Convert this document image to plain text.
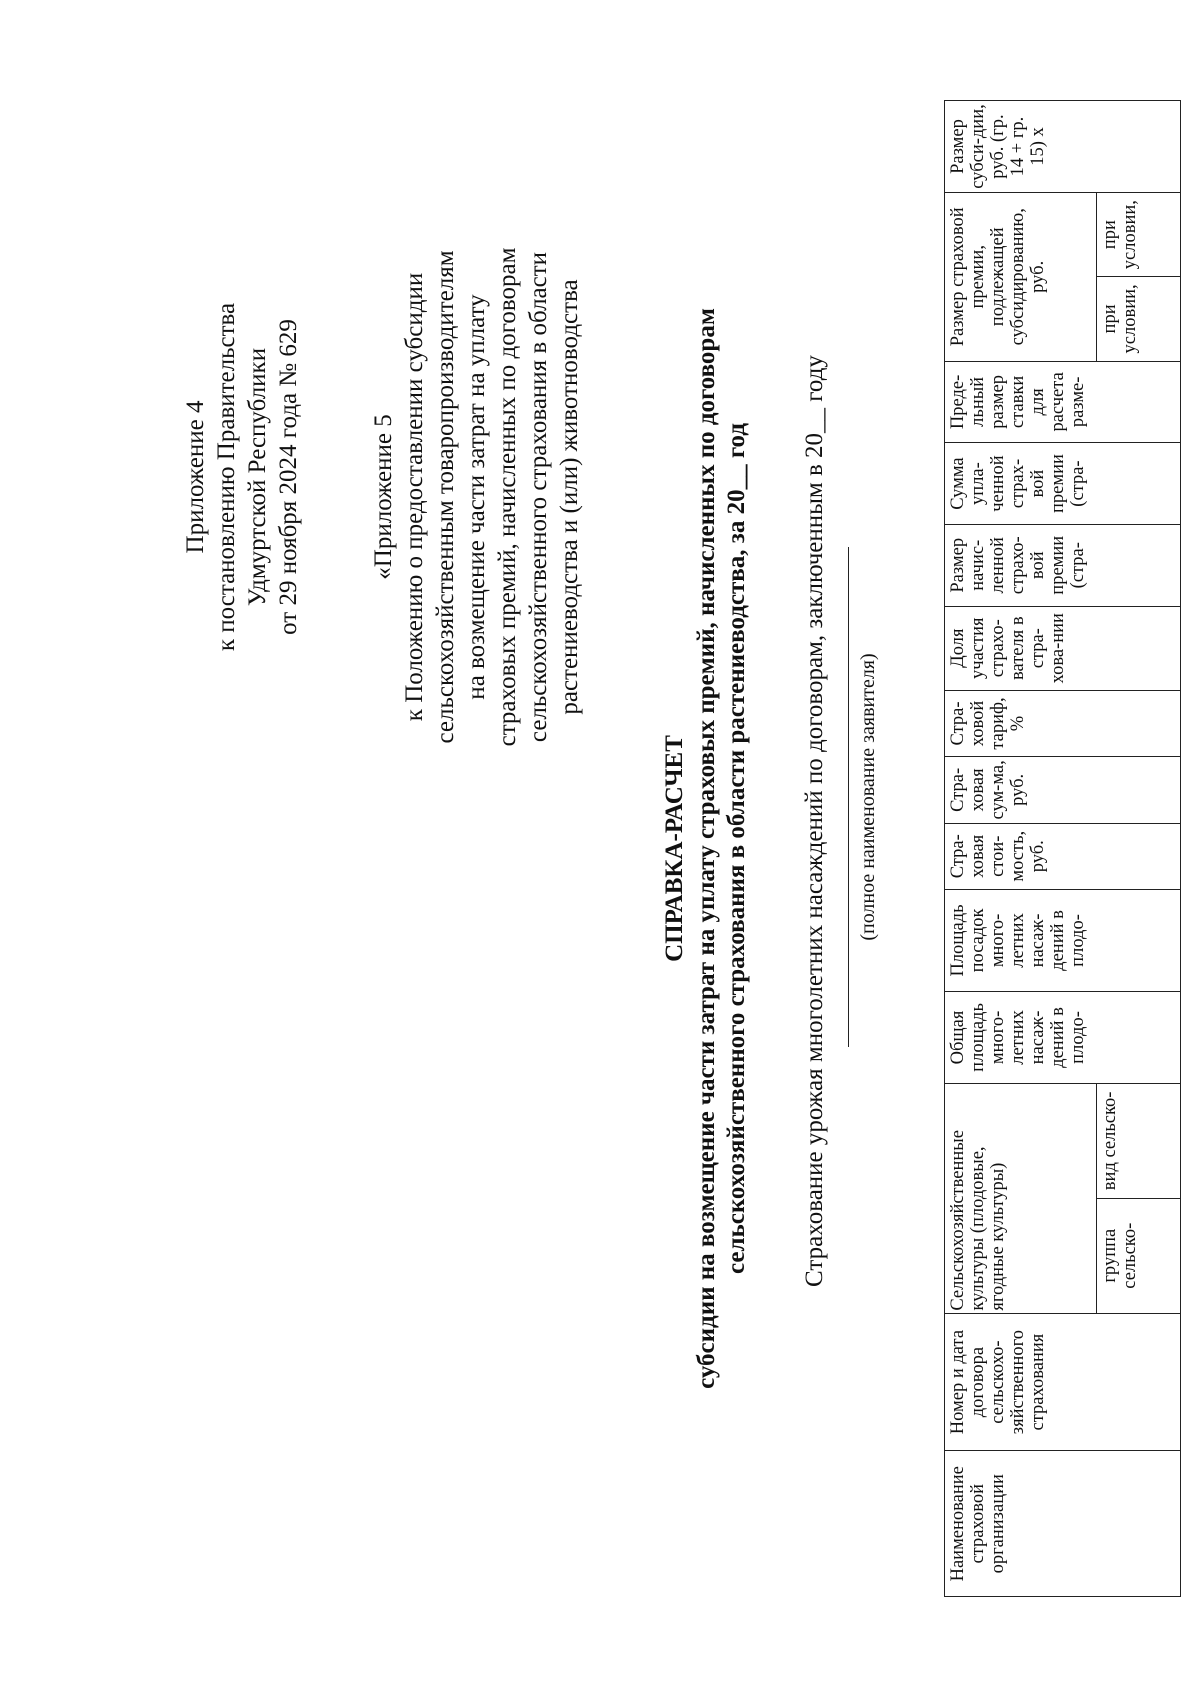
Приложение 4 к постановлению Правительства Удмуртской Республики от 29 ноября 2024 года № 629	«Приложение 5 к Положению о предоставлении субсидии сельскохозяйственным товаропроизводителям на возмещение части затрат на уплату страховых премий, начисленных по договорам сельскохозяйственного страхования в области растениеводства и (или) животноводства
СПРАВКА-РАСЧЕТ субсидии на возмещение части затрат на уплату страховых премий, начисленных по договорам сельскохозяйственного страхования в области растениеводства, за 20__ год Страхование урожая многолетних насаждений по договорам, заключенным в 20__ году (полное наименование заявителя)
Наименование страховой организации	Номер и дата договора сельскохо-зяйственного страхования	Сельскохозяйственные культуры (плодовые, ягодные культуры)		Общая площадь много-летних насаж-дений в плодо-	Площадь посадок много-летних насаж-дений в плодо-	Стра-ховая стои-мость, руб.	Стра-ховая сум-ма, руб.	Стра-ховой тариф, %	Доля участия страхо-вателя в стра-хова-нии	Размер начис-ленной страхо-вой премии (стра-	Сумма упла-ченной страх-вой премии (стра-	Преде-льный размер ставки для расчета разме-	Размер страховой премии, подлежащей субсидированию, руб.		Размер субси-дии, руб. (гр. 14 + гр. 15) х
		группа сельско-	вид сельско-										при условии,	при условии,	
